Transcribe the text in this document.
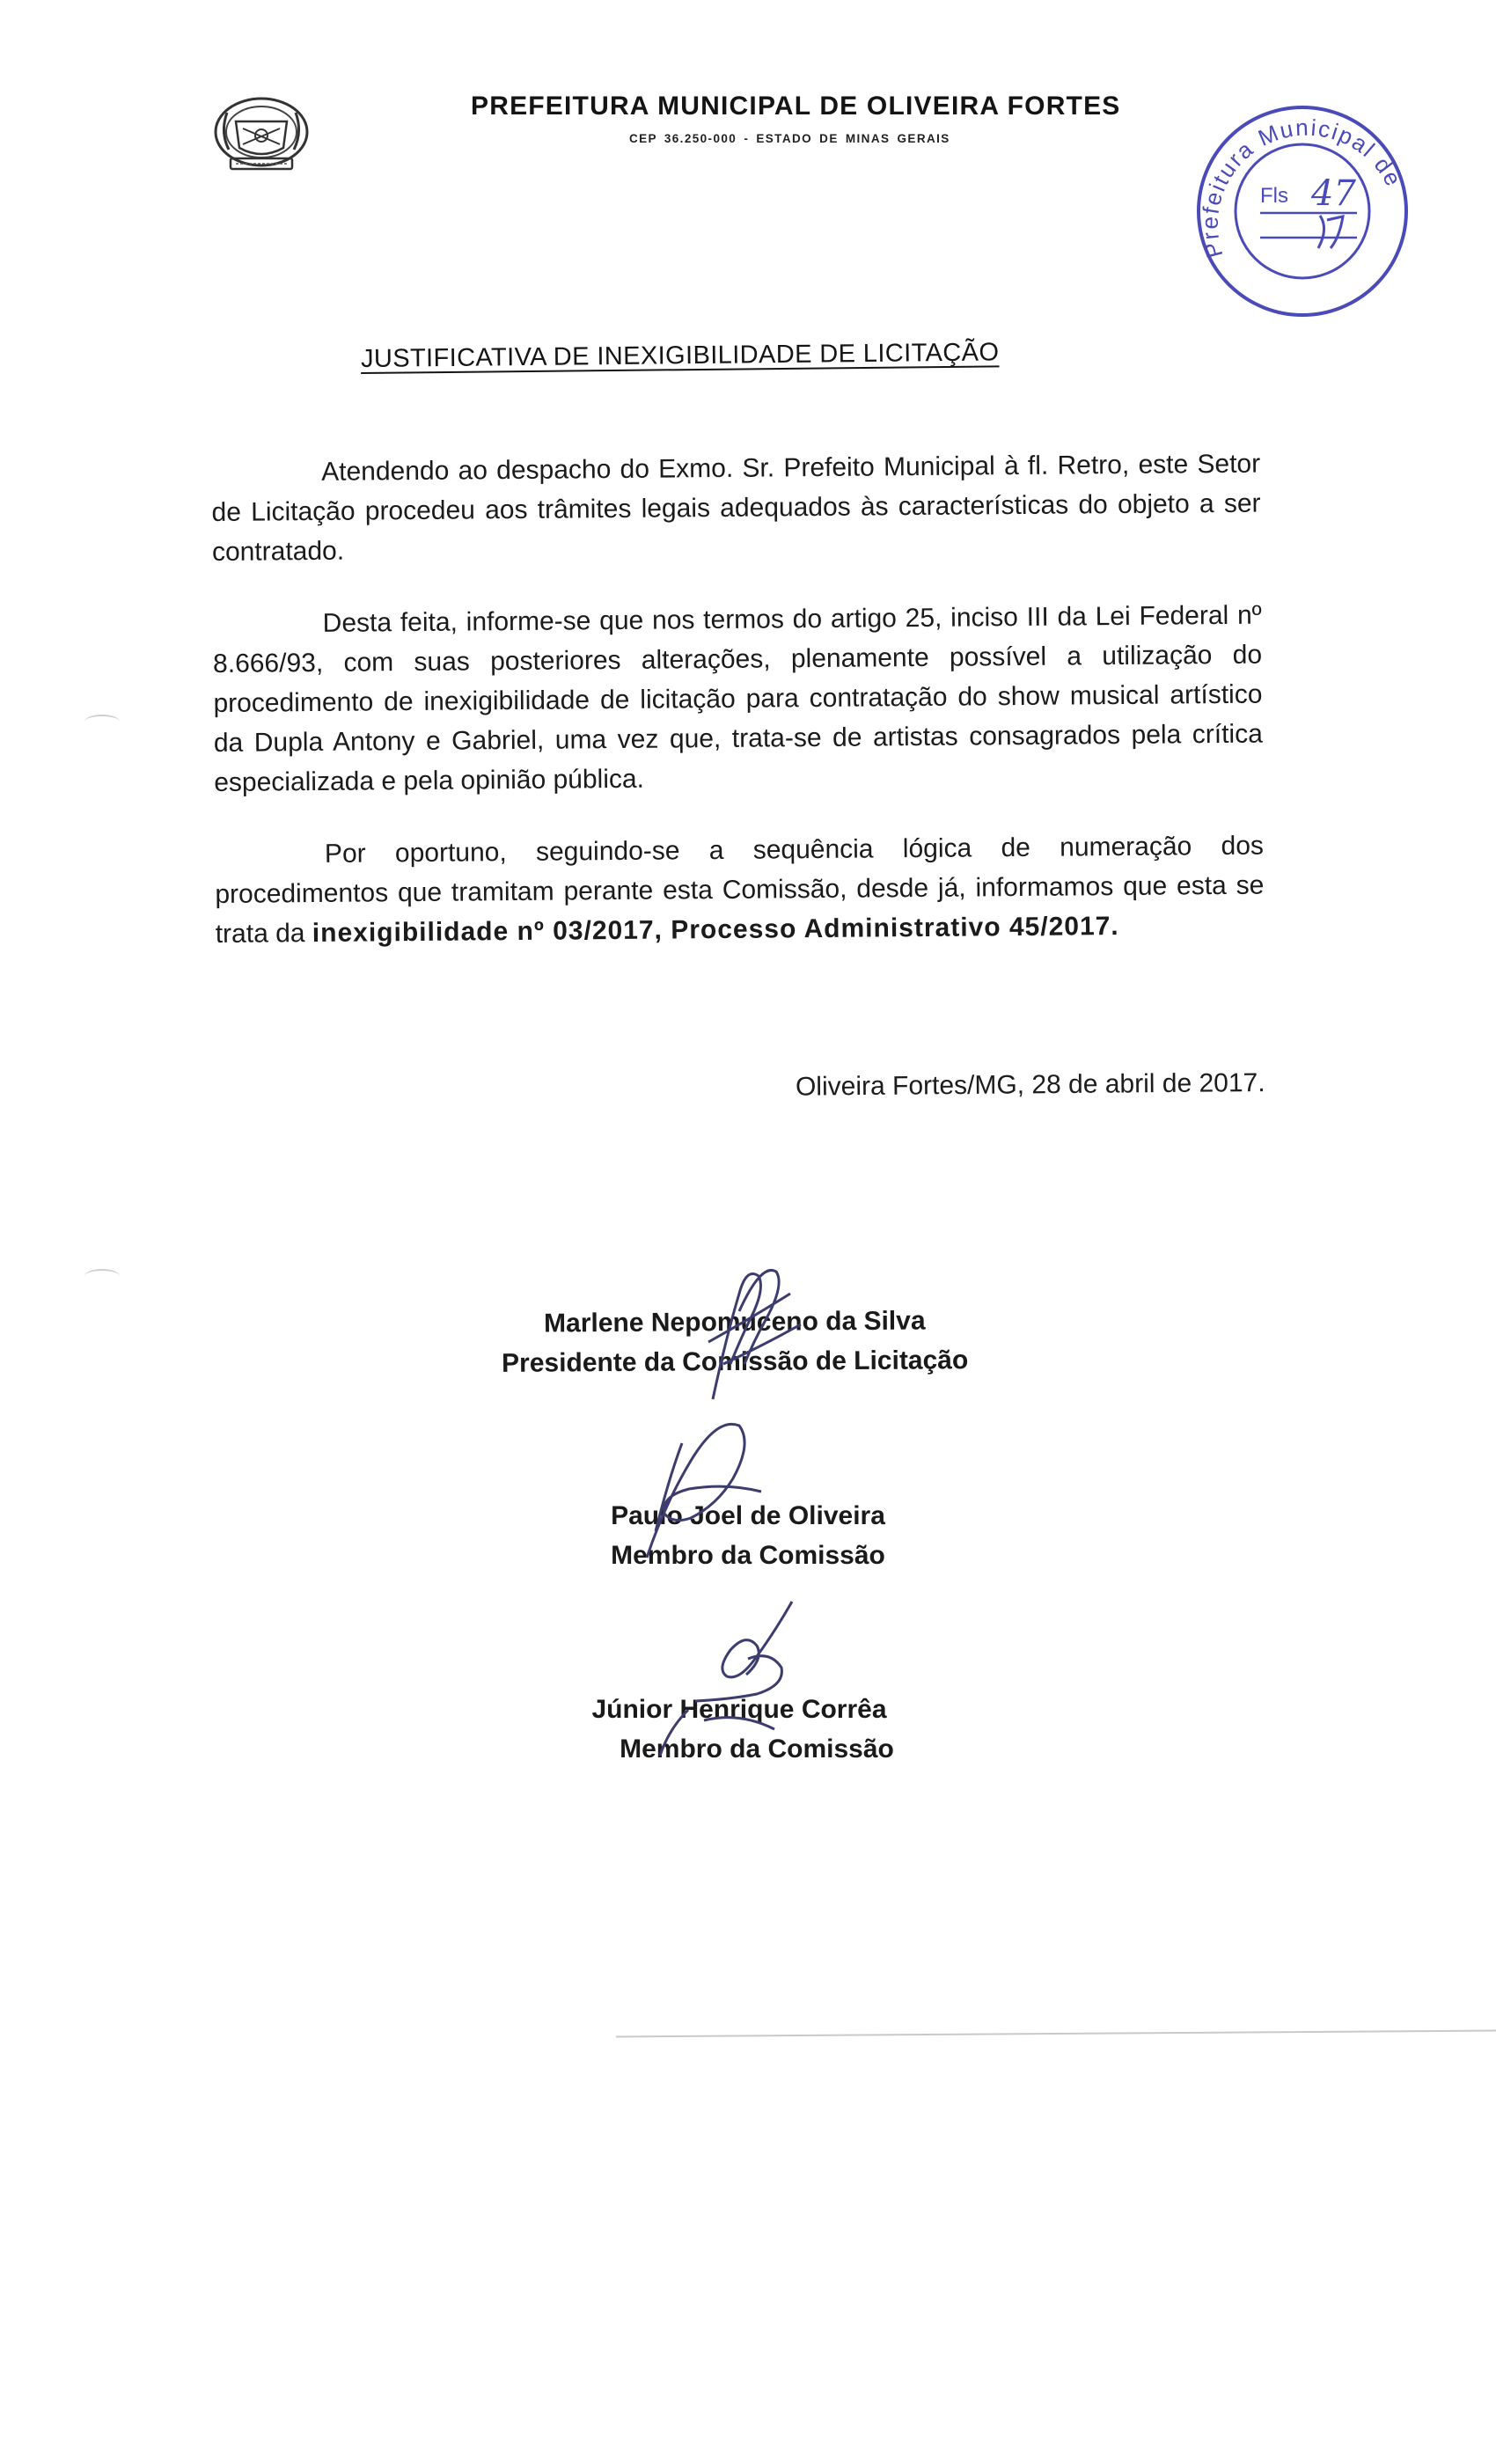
PREFEITURA MUNICIPAL DE OLIVEIRA FORTES
CEP 36.250-000 - ESTADO DE MINAS GERAIS
Prefeitura Municipal de
Fls 47
JUSTIFICATIVA DE INEXIGIBILIDADE DE LICITAÇÃO

Atendendo ao despacho do Exmo. Sr. Prefeito Municipal à fl. Retro, este Setor de Licitação procedeu aos trâmites legais adequados às características do objeto a ser contratado.

Desta feita, informe-se que nos termos do artigo 25, inciso III da Lei Federal nº 8.666/93, com suas posteriores alterações, plenamente possível a utilização do procedimento de inexigibilidade de licitação para contratação do show musical artístico da Dupla Antony e Gabriel, uma vez que, trata-se de artistas consagrados pela crítica especializada e pela opinião pública.

Por oportuno, seguindo-se a sequência lógica de numeração dos procedimentos que tramitam perante esta Comissão, desde já, informamos que esta se trata da inexigibilidade nº 03/2017, Processo Administrativo 45/2017.

Oliveira Fortes/MG, 28 de abril de 2017.
Marlene Nepomuceno da Silva
Presidente da Comissão de Licitação
Paulo Joel de Oliveira
Membro da Comissão
Júnior Henrique Corrêa
Membro da Comissão
